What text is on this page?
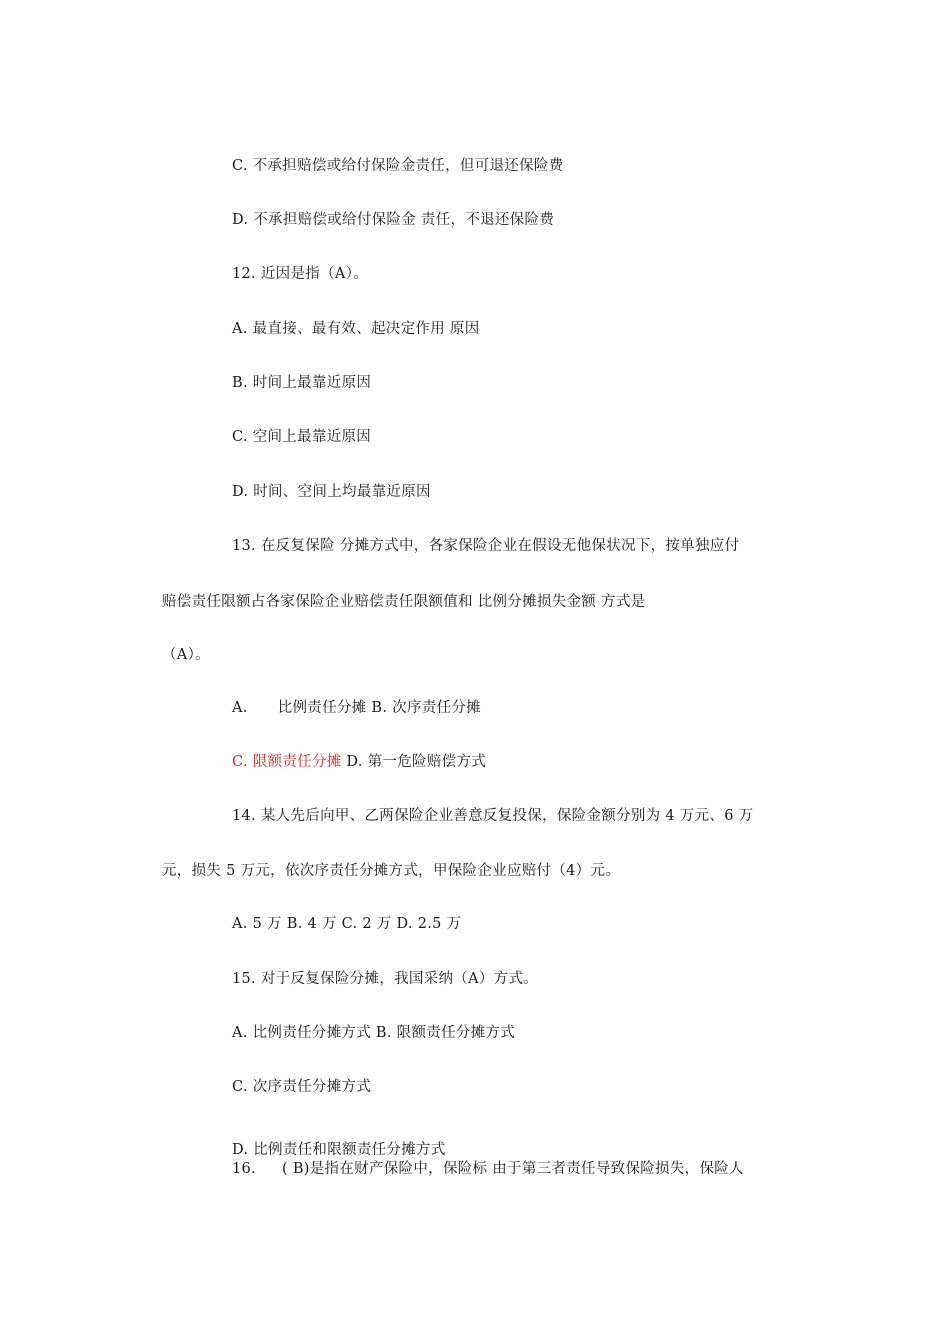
C. 不承担赔偿或给付保险金责任，但可退还保险费
D. 不承担赔偿或给付保险金 责任，不退还保险费
12. 近因是指（A）。
A. 最直接、最有效、起决定作用 原因
B. 时间上最靠近原因
C. 空间上最靠近原因
D. 时间、空间上均最靠近原因
13. 在反复保险 分摊方式中，各家保险企业在假设无他保状况下，按单独应付
赔偿责任限额占各家保险企业赔偿责任限额值和 比例分摊损失金额 方式是
（A）。
A. 比例责任分摊 B. 次序责任分摊
C. 限额责任分摊 D. 第一危险赔偿方式
14. 某人先后向甲、乙两保险企业善意反复投保，保险金额分别为 4 万元、6 万
元，损失 5 万元，依次序责任分摊方式，甲保险企业应赔付（4）元。
A. 5 万 B. 4 万 C. 2 万 D. 2.5 万
15. 对于反复保险分摊，我国采纳（A）方式。
A. 比例责任分摊方式 B. 限额责任分摊方式
C. 次序责任分摊方式
D. 比例责任和限额责任分摊方式
16. ( B)是指在财产保险中，保险标 由于第三者责任导致保险损失，保险人
